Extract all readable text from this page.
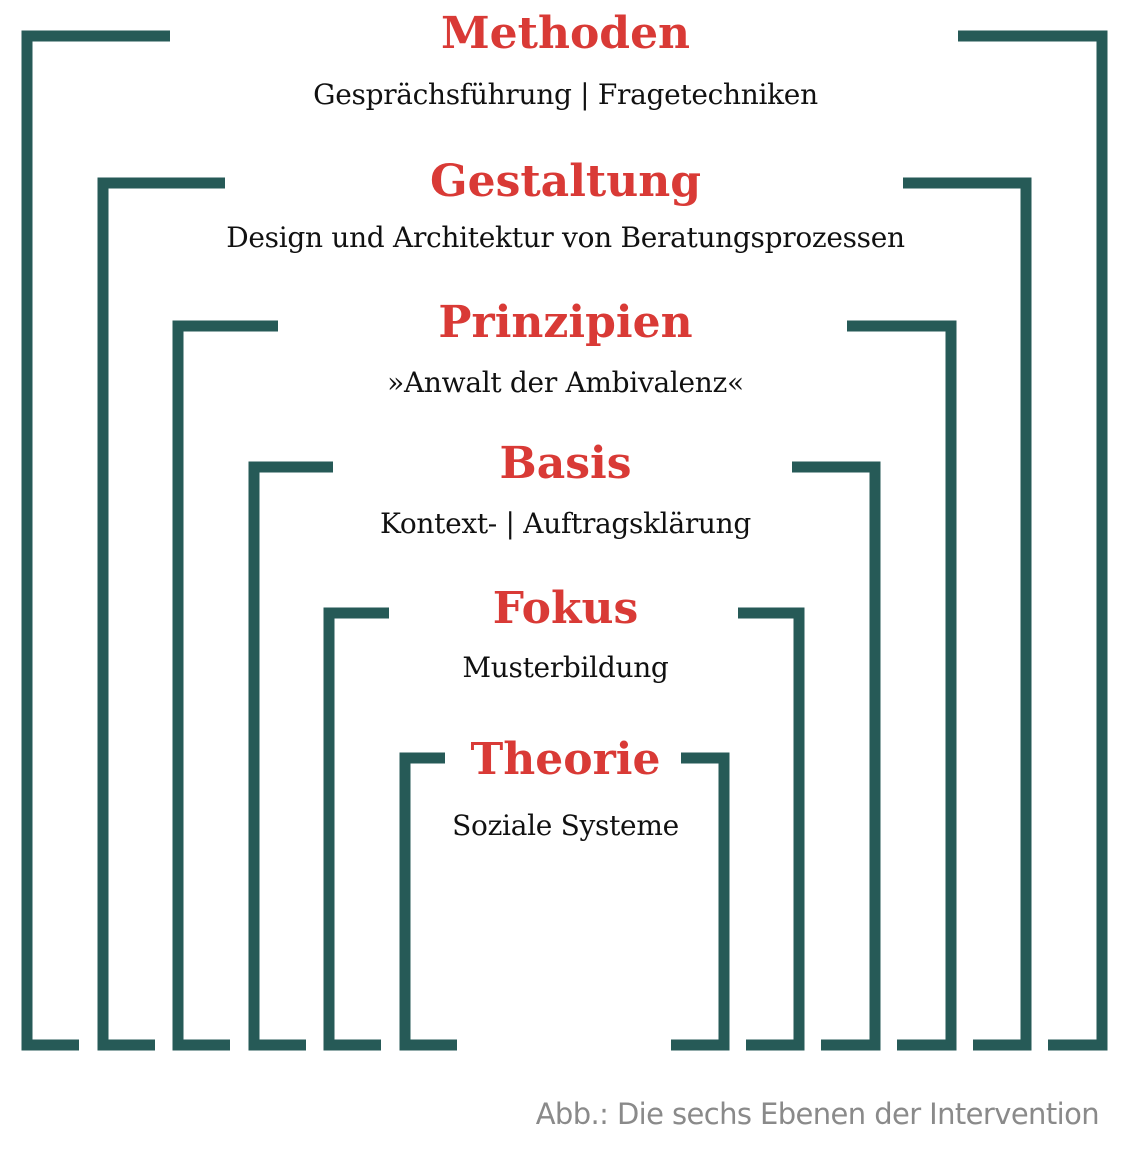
Methoden
Gesprächsführung | Fragetechniken
Gestaltung
Design und Architektur von Beratungsprozessen
Prinzipien
»Anwalt der Ambivalenz«
Basis
Kontext- | Auftragsklärung
Fokus
Musterbildung
Theorie
Soziale Systeme
Abb.: Die sechs Ebenen der Intervention
